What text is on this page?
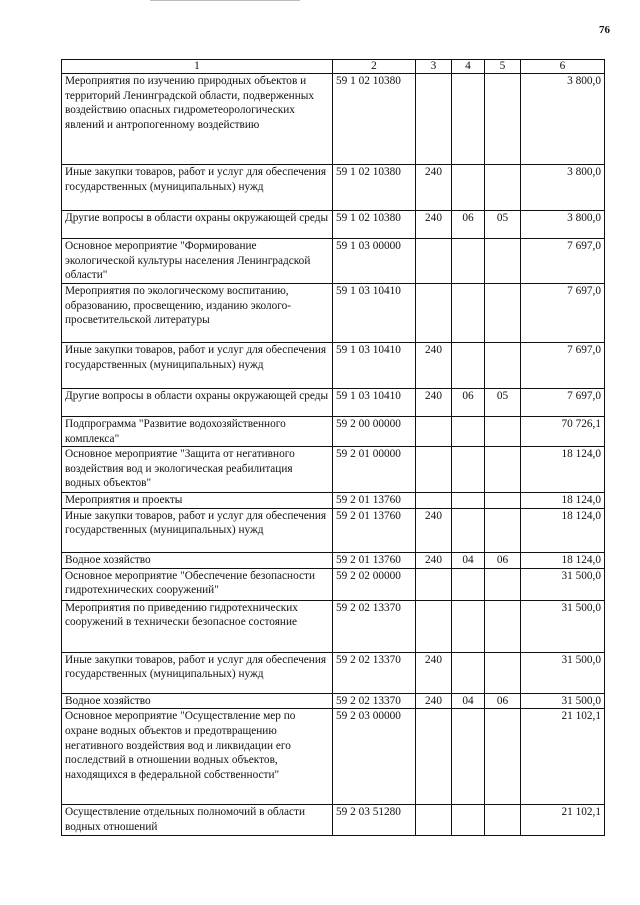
76
1	2	3	4	5	6
Мероприятия по изучению природных объектов и территорий Ленинградской области, подверженных воздействию опасных гидрометеорологических явлений и антропогенному воздействию	59 1 02 10380				3 800,0
Иные закупки товаров, работ и услуг для обеспечения государственных (муниципальных) нужд	59 1 02 10380	240			3 800,0
Другие вопросы в области охраны окружающей среды	59 1 02 10380	240	06	05	3 800,0
Основное мероприятие "Формирование экологической культуры населения Ленинградской области"	59 1 03 00000				7 697,0
Мероприятия по экологическому воспитанию, образованию, просвещению, изданию эколого-просветительской литературы	59 1 03 10410				7 697,0
Иные закупки товаров, работ и услуг для обеспечения государственных (муниципальных) нужд	59 1 03 10410	240			7 697,0
Другие вопросы в области охраны окружающей среды	59 1 03 10410	240	06	05	7 697,0
Подпрограмма "Развитие водохозяйственного комплекса"	59 2 00 00000				70 726,1
Основное мероприятие "Защита от негативного воздействия вод и экологическая реабилитация водных объектов"	59 2 01 00000				18 124,0
Мероприятия и проекты	59 2 01 13760				18 124,0
Иные закупки товаров, работ и услуг для обеспечения государственных (муниципальных) нужд	59 2 01 13760	240			18 124,0
Водное хозяйство	59 2 01 13760	240	04	06	18 124,0
Основное мероприятие "Обеспечение безопасности гидротехнических сооружений"	59 2 02 00000				31 500,0
Мероприятия по приведению гидротехнических сооружений в технически безопасное состояние	59 2 02 13370				31 500,0
Иные закупки товаров, работ и услуг для обеспечения государственных (муниципальных) нужд	59 2 02 13370	240			31 500,0
Водное хозяйство	59 2 02 13370	240	04	06	31 500,0
Основное мероприятие "Осуществление мер по охране водных объектов и предотвращению негативного воздействия вод и ликвидации его последствий в отношении водных объектов, находящихся в федеральной собственности"	59 2 03 00000				21 102,1
Осуществление отдельных полномочий в области водных отношений	59 2 03 51280				21 102,1
